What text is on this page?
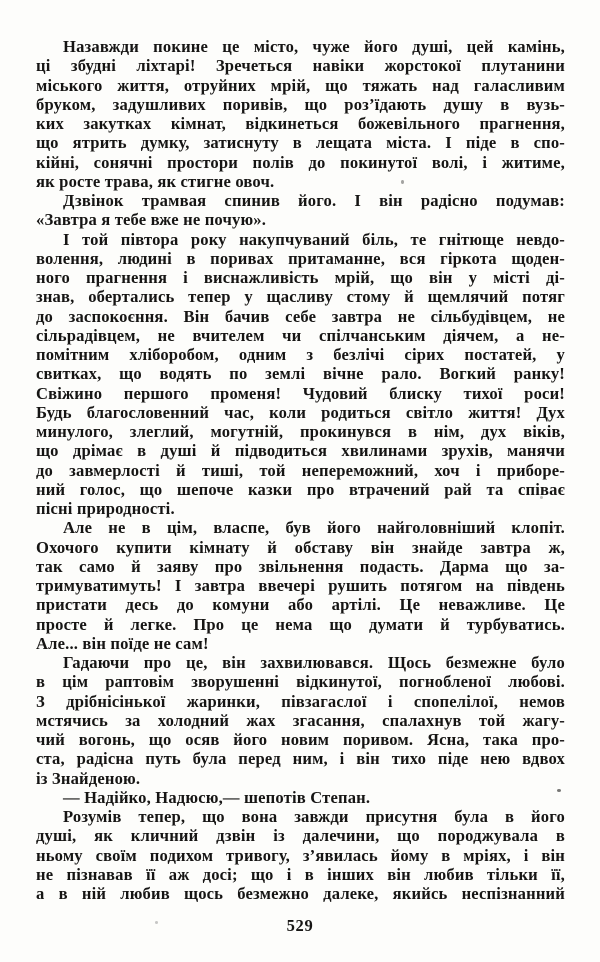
Назавжди покине це місто, чуже його душі, цей камінь,
ці збудні ліхтарі! Зречеться навіки жорстокої плутанини
міського життя, отруйних мрій, що тяжать над галасливим
бруком, задушливих поривів, що роз’їдають душу в вузь-
ких закутках кімнат, відкинеться божевільного прагнення,
що ятрить думку, затиснуту в лещата міста. І піде в спо-
кійні, сонячні простори полів до покинутої волі, і житиме,
як росте трава, як стигне овоч.
Дзвінок трамвая спинив його. І він радісно подумав:
«Завтра я тебе вже не почую».
І той півтора року накупчуваний біль, те гнітюще невдо-
волення, людині в поривах притаманне, вся гіркота щоден-
ного прагнення і виснажливість мрій, що він у місті ді-
знав, обертались тепер у щасливу стому й щемлячий потяг
до заспокоєння. Він бачив себе завтра не сільбудівцем, не
сільрадівцем, не вчителем чи спілчанським діячем, а не-
помітним хліборобом, одним з безлічі сірих постатей, у
свитках, що водять по землі вічне рало. Вогкий ранку!
Свіжино першого променя! Чудовий блиску тихої роси!
Будь благословенний час, коли родиться світло життя! Дух
минулого, злеглий, могутній, прокинувся в нім, дух віків,
що дрімає в душі й підводиться хвилинами зрухів, манячи
до завмерлості й тиші, той непереможний, хоч і приборе-
ний голос, що шепоче казки про втрачений рай та співає
пісні природності.
Але не в цім, власпе, був його найголовніший клопіт.
Охочого купити кімнату й обставу він знайде завтра ж,
так само й заяву про звільнення подасть. Дарма що за-
тримуватимуть! І завтра ввечері рушить потягом на південь
пристати десь до комуни або артілі. Це неважливе. Це
просте й легке. Про це нема що думати й турбуватись.
Але... він поїде не сам!
Гадаючи про це, він захвилювався. Щось безмежне було
в цім раптовім зворушенні відкинутої, погнобленої любові.
З дрібнісінької жаринки, півзагаслої і спопелілої, немов
мстячись за холодний жах згасання, спалахнув той жагу-
чий вогонь, що осяв його новим поривом. Ясна, така про-
ста, радісна путь була перед ним, і він тихо піде нею вдвох
із Знайденою.
— Надійко, Надюсю,— шепотів Степан.
Розумів тепер, що вона завжди присутня була в його
душі, як кличний дзвін із далечини, що породжувала в
ньому своїм подихом тривогу, з’явилась йому в мріях, і він
не пізнавав її аж досі; що і в інших він любив тільки її,
а в ній любив щось безмежно далеке, якийсь неспізнанний
529
